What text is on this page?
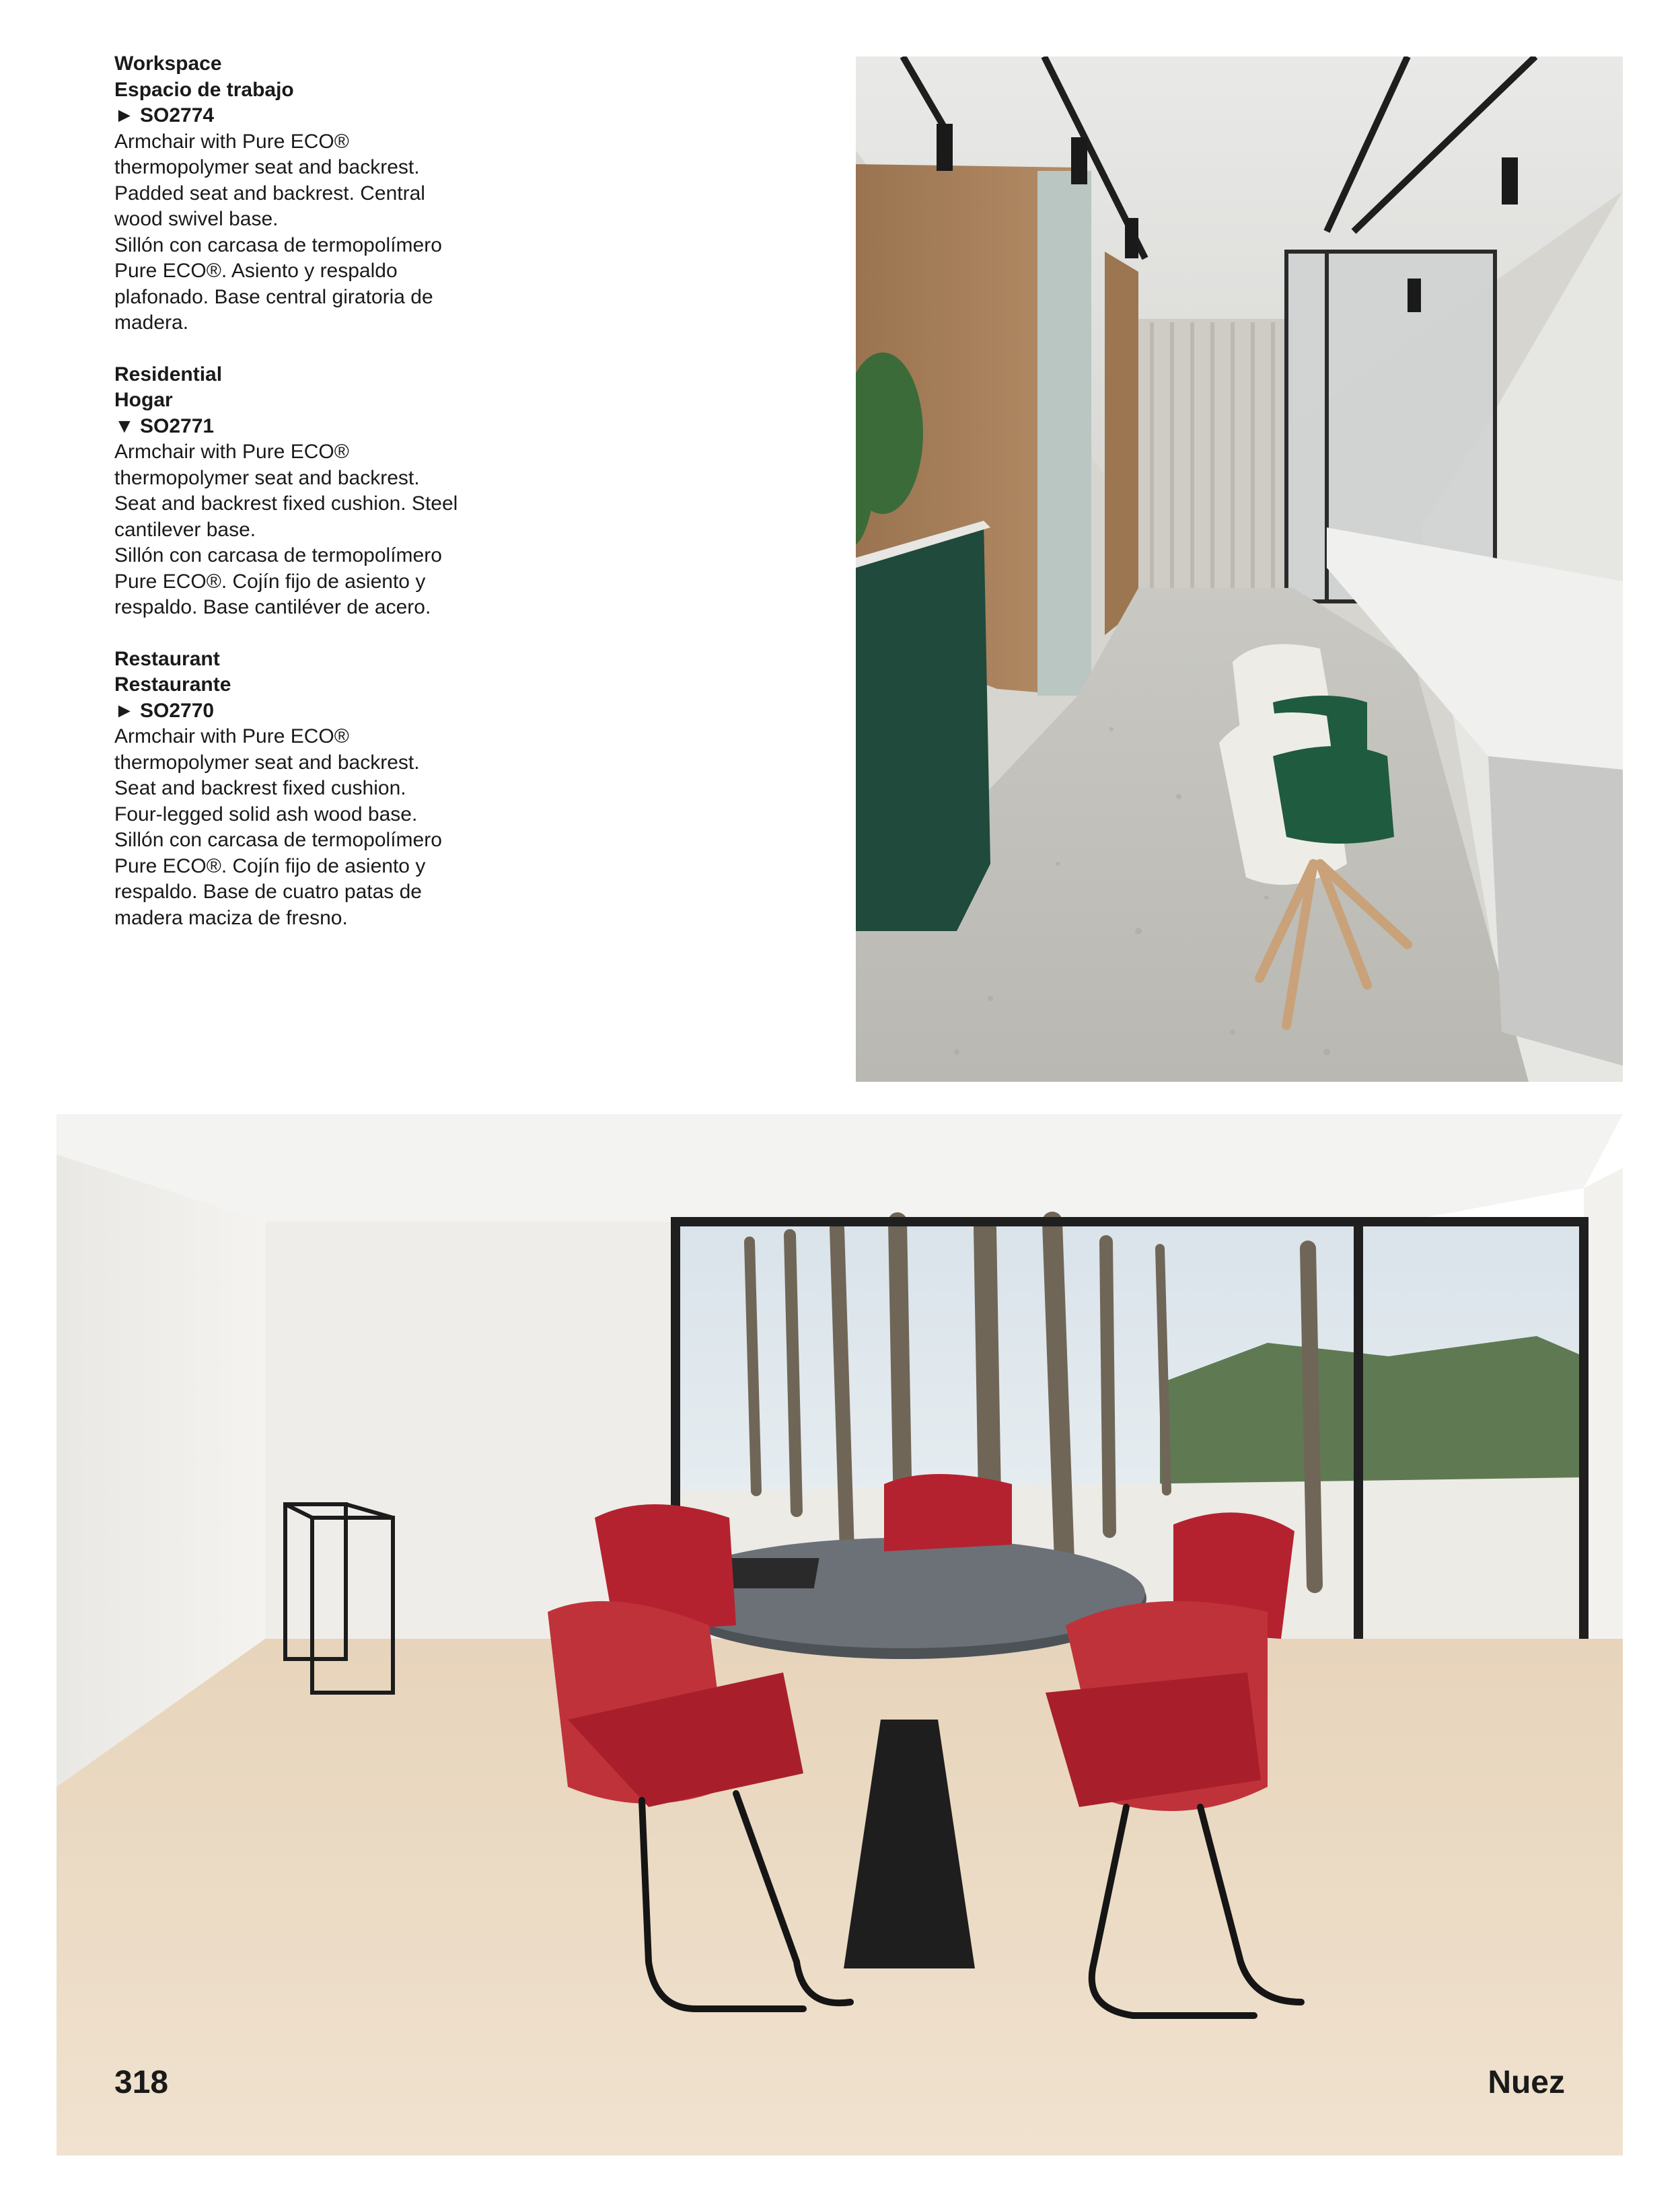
Workspace

Espacio de trabajo

► SO2774

Armchair with Pure ECO®

thermopolymer seat and backrest.

Padded seat and backrest. Central

wood swivel base.

Sillón con carcasa de termopolímero

Pure ECO®. Asiento y respaldo

plafonado. Base central giratoria de

madera.

Residential

Hogar

▼ SO2771

Armchair with Pure ECO®

thermopolymer seat and backrest.

Seat and backrest fixed cushion. Steel

cantilever base.

Sillón con carcasa de termopolímero

Pure ECO®. Cojín fijo de asiento y

respaldo. Base cantiléver de acero.

Restaurant

Restaurante

► SO2770

Armchair with Pure ECO®

thermopolymer seat and backrest.

Seat and backrest fixed cushion.

Four-legged solid ash wood base.

Sillón con carcasa de termopolímero

Pure ECO®. Cojín fijo de asiento y

respaldo. Base de cuatro patas de

madera maciza de fresno.

318	Nuez
